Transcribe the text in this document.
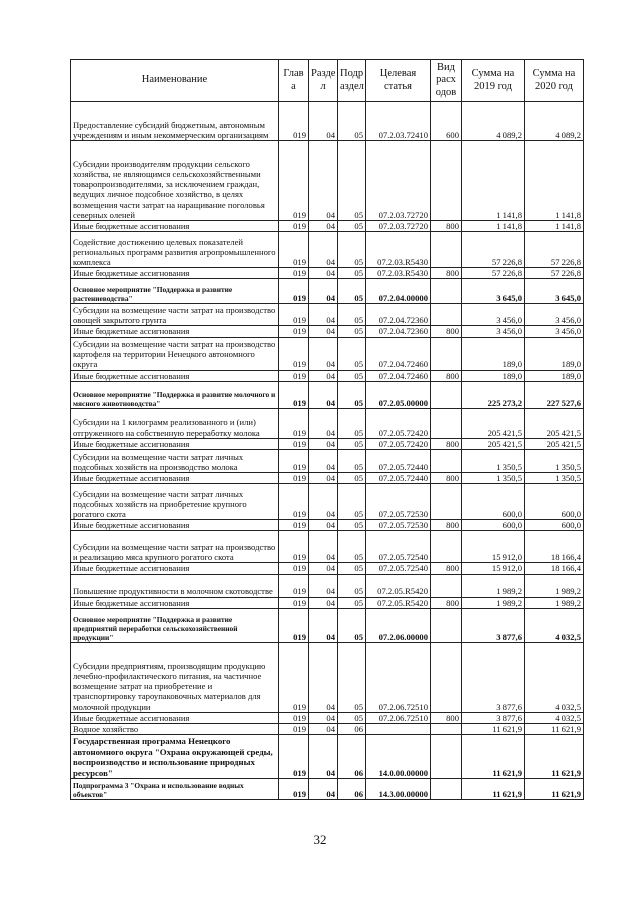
Наименование	Глав а	Разде л	Подр аздел	Целевая статья	Вид расх одов	Сумма на 2019 год	Сумма на 2020 год
Предоставление субсидий бюджетным, автономным учреждениям и иным некоммерческим организациям	019	04	05	07.2.03.72410	600	4 089,2	4 089,2
Субсидии производителям продукции сельского хозяйства, не являющимся сельскохозяйственными товаропроизводителями, за исключением граждан, ведущих личное подсобное хозяйство, в целях возмещения части затрат на наращивание поголовья северных оленей	019	04	05	07.2.03.72720		1 141,8	1 141,8
Иные бюджетные ассигнования	019	04	05	07.2.03.72720	800	1 141,8	1 141,8
Содействие достижению целевых показателей региональных программ развития агропромышленного комплекса	019	04	05	07.2.03.R5430		57 226,8	57 226,8
Иные бюджетные ассигнования	019	04	05	07.2.03.R5430	800	57 226,8	57 226,8
Основное мероприятие "Поддержка и развитие растениеводства"	019	04	05	07.2.04.00000		3 645,0	3 645,0
Субсидии на возмещение части затрат на производство овощей закрытого грунта	019	04	05	07.2.04.72360		3 456,0	3 456,0
Иные бюджетные ассигнования	019	04	05	07.2.04.72360	800	3 456,0	3 456,0
Субсидии на возмещение части затрат на производство картофеля на территории Ненецкого автономного округа	019	04	05	07.2.04.72460		189,0	189,0
Иные бюджетные ассигнования	019	04	05	07.2.04.72460	800	189,0	189,0
Основное мероприятие "Поддержка и развитие молочного и мясного животноводства"	019	04	05	07.2.05.00000		225 273,2	227 527,6
Субсидии на 1 килограмм реализованного и (или) отгруженного на собственную переработку молока	019	04	05	07.2.05.72420		205 421,5	205 421,5
Иные бюджетные ассигнования	019	04	05	07.2.05.72420	800	205 421,5	205 421,5
Субсидии на возмещение части затрат личных подсобных хозяйств на производство молока	019	04	05	07.2.05.72440		1 350,5	1 350,5
Иные бюджетные ассигнования	019	04	05	07.2.05.72440	800	1 350,5	1 350,5
Субсидии на возмещение части затрат личных подсобных хозяйств на приобретение крупного рогатого скота	019	04	05	07.2.05.72530		600,0	600,0
Иные бюджетные ассигнования	019	04	05	07.2.05.72530	800	600,0	600,0
Субсидии на возмещение части затрат на производство и реализацию мяса крупного рогатого скота	019	04	05	07.2.05.72540		15 912,0	18 166,4
Иные бюджетные ассигнования	019	04	05	07.2.05.72540	800	15 912,0	18 166,4
Повышение продуктивности в молочном скотоводстве	019	04	05	07.2.05.R5420		1 989,2	1 989,2
Иные бюджетные ассигнования	019	04	05	07.2.05.R5420	800	1 989,2	1 989,2
Основное мероприятие "Поддержка и развитие предприятий переработки сельскохозяйственной продукции"	019	04	05	07.2.06.00000		3 877,6	4 032,5
Субсидии предприятиям, производящим продукцию лечебно-профилактического питания, на частичное возмещение затрат на приобретение и транспортировку тароупаковочных материалов для молочной продукции	019	04	05	07.2.06.72510		3 877,6	4 032,5
Иные бюджетные ассигнования	019	04	05	07.2.06.72510	800	3 877,6	4 032,5
Водное хозяйство	019	04	06			11 621,9	11 621,9
Государственная программа Ненецкого автономного округа "Охрана окружающей среды, воспроизводство и использование природных ресурсов"	019	04	06	14.0.00.00000		11 621,9	11 621,9
Подпрограмма 3 "Охрана и использование водных объектов"	019	04	06	14.3.00.00000		11 621,9	11 621,9
32
